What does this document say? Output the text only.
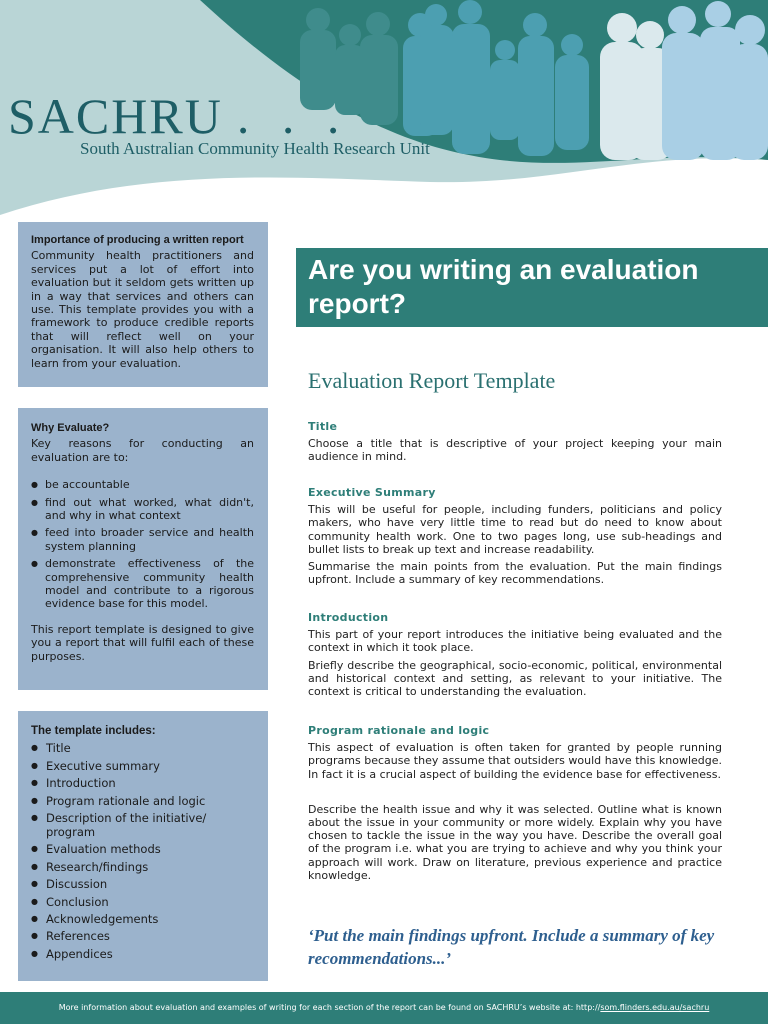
SACHRU . . .
South Australian Community Health Research Unit
Importance of producing a written report

Community health practitioners and services put a lot of effort into evaluation but it seldom gets written up in a way that services and others can use. This template provides you with a framework to produce credible reports that will reflect well on your organisation. It will also help others to learn from your evaluation.

Why Evaluate?

Key reasons for conducting an evaluation are to:

● be accountable
● find out what worked, what didn't, and why in what context
● feed into broader service and health system planning
● demonstrate effectiveness of the comprehensive community health model and contribute to a rigorous evidence base for this model.

This report template is designed to give you a report that will fulfil each of these purposes.

The template includes:
● Title
● Executive summary
● Introduction
● Program rationale and logic
● Description of the initiative/ program
● Evaluation methods
● Research/findings
● Discussion
● Conclusion
● Acknowledgements
● References
● Appendices
Are you writing an evaluation report?
Evaluation Report Template
Title

Choose a title that is descriptive of your project keeping your main audience in mind.

Executive Summary

This will be useful for people, including funders, politicians and policy makers, who have very little time to read but do need to know about community health work. One to two pages long, use sub-headings and bullet lists to break up text and increase readability.

Summarise the main points from the evaluation. Put the main findings upfront. Include a summary of key recommendations.

Introduction

This part of your report introduces the initiative being evaluated and the context in which it took place.

Briefly describe the geographical, socio-economic, political, environmental and historical context and setting, as relevant to your initiative. The context is critical to understanding the evaluation.

Program rationale and logic

This aspect of evaluation is often taken for granted by people running programs because they assume that outsiders would have this knowledge. In fact it is a crucial aspect of building the evidence base for effectiveness.

Describe the health issue and why it was selected. Outline what is known about the issue in your community or more widely. Explain why you have chosen to tackle the issue in the way you have. Describe the overall goal of the program i.e. what you are trying to achieve and why you think your approach will work. Draw on literature, previous experience and practice knowledge.

‘Put the main findings upfront. Include a summary of key recommendations...’
More information about evaluation and examples of writing for each section of the report can be found on SACHRU’s website at: http://som.flinders.edu.au/sachru
